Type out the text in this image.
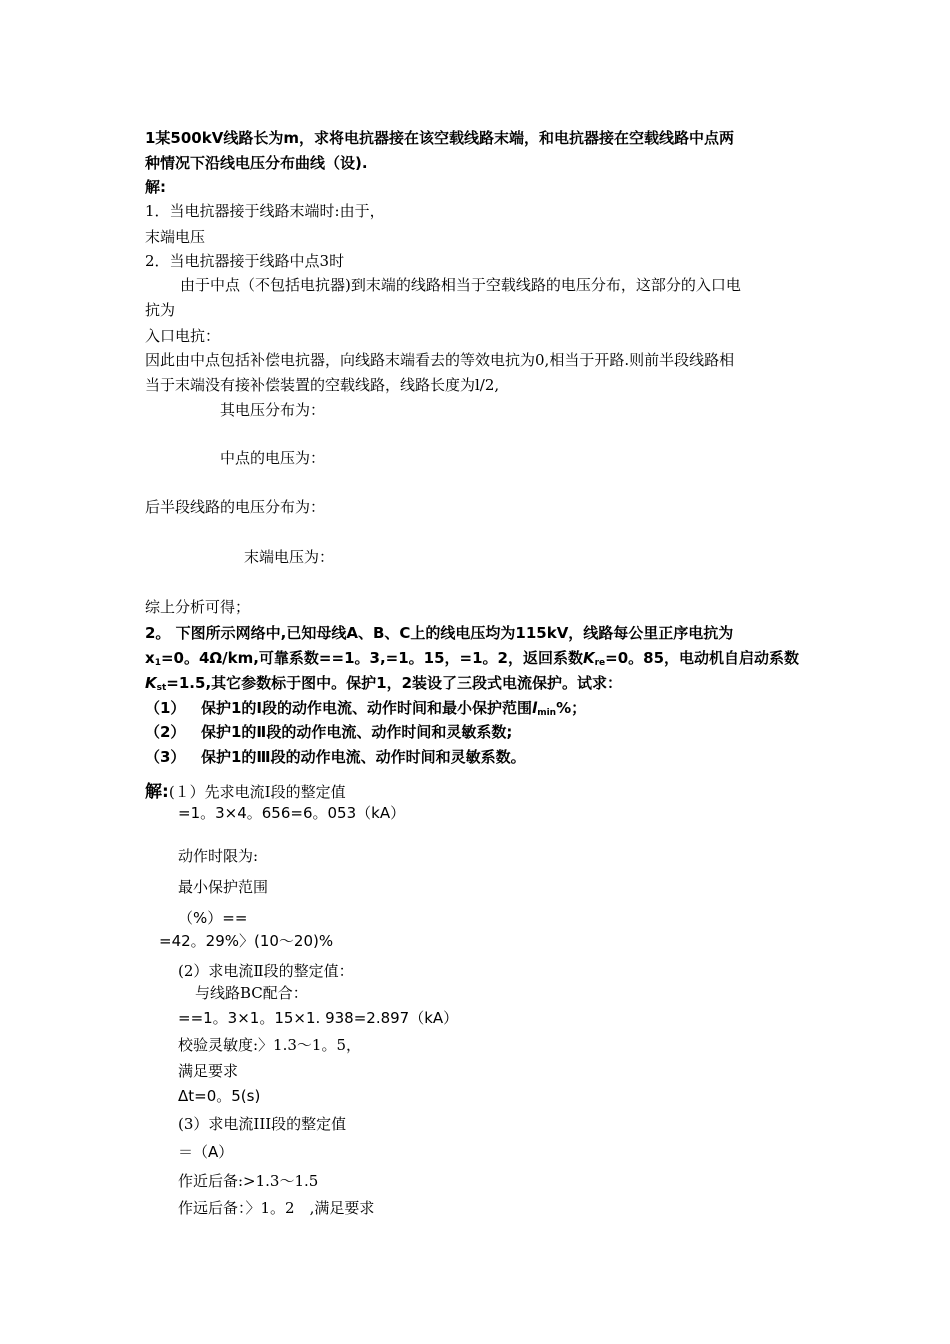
1某500kV线路长为m，求将电抗器接在该空载线路末端，和电抗器接在空载线路中点两
种情况下沿线电压分布曲线（设).
解:
1．当电抗器接于线路末端时:由于，
末端电压
2．当电抗器接于线路中点3时
由于中点（不包括电抗器)到末端的线路相当于空载线路的电压分布，这部分的入口电
抗为
入口电抗：
因此由中点包括补偿电抗器，向线路末端看去的等效电抗为0,相当于开路.则前半段线路相
当于末端没有接补偿装置的空载线路，线路长度为l/2,
其电压分布为：
中点的电压为：
后半段线路的电压分布为：
末端电压为：
综上分析可得；
2。 下图所示网络中,已知母线A、B、C上的线电压均为115kV，线路每公里正序电抗为
$x_1=0$。4Ω/km,可靠系数==1。3,=1。15，=1。2，返回系数$K_{re}=0$。85，电动机自启动系数
$K_{st}=1.5$,其它参数标于图中。保护1，2装设了三段式电流保护。试求：
（1） 保护1的Ⅰ段的动作电流、动作时间和最小保护范围$l_{min}\%$；
（2） 保护1的Ⅱ段的动作电流、动作时间和灵敏系数;
（3） 保护1的Ⅲ段的动作电流、动作时间和灵敏系数。
解:(１）先求电流Ⅰ段的整定值
=1。3×4。656=6。053（kA）
动作时限为:
最小保护范围
（%）==
=42。29%〉(10～20)%
(2）求电流Ⅱ段的整定值：
与线路BC配合：
==1。3×1。15×1. 938=2.897（kA）
校验灵敏度:〉1.3～1。5，
满足要求
Δt=0。5(s)
(3）求电流III段的整定值
＝（A）
作近后备:>1.3～1.5
作远后备：〉1。2　,满足要求
